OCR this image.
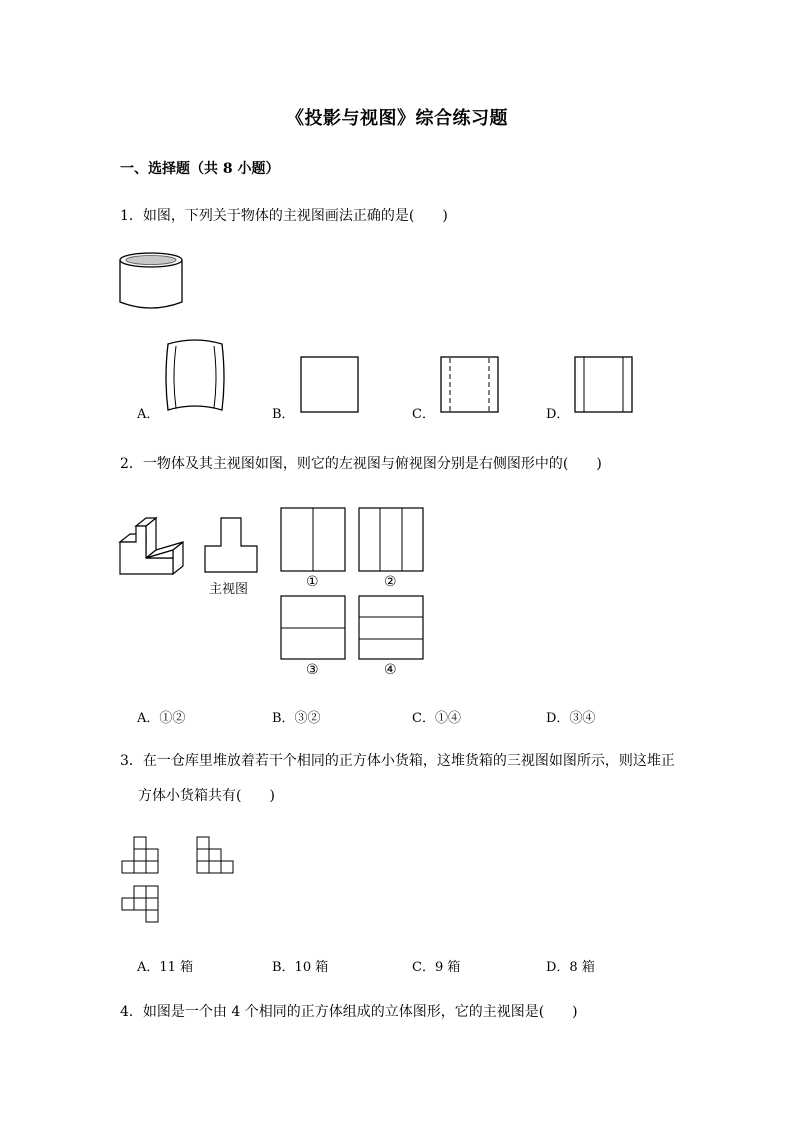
《投影与视图》综合练习题
一、选择题（共 8 小题）
1．如图，下列关于物体的主视图画法正确的是(　　)
A．	B．	C．	D．
2．一物体及其主视图如图，则它的左视图与俯视图分别是右侧图形中的(　　)
主视图	①	②
③	④
A．①②	B．③②	C．①④	D．③④
3．在一仓库里堆放着若干个相同的正方体小货箱，这堆货箱的三视图如图所示，则这堆正
方体小货箱共有(　　)
A．11 箱	B．10 箱	C．9 箱	D．8 箱
4．如图是一个由 4 个相同的正方体组成的立体图形，它的主视图是(　　)
